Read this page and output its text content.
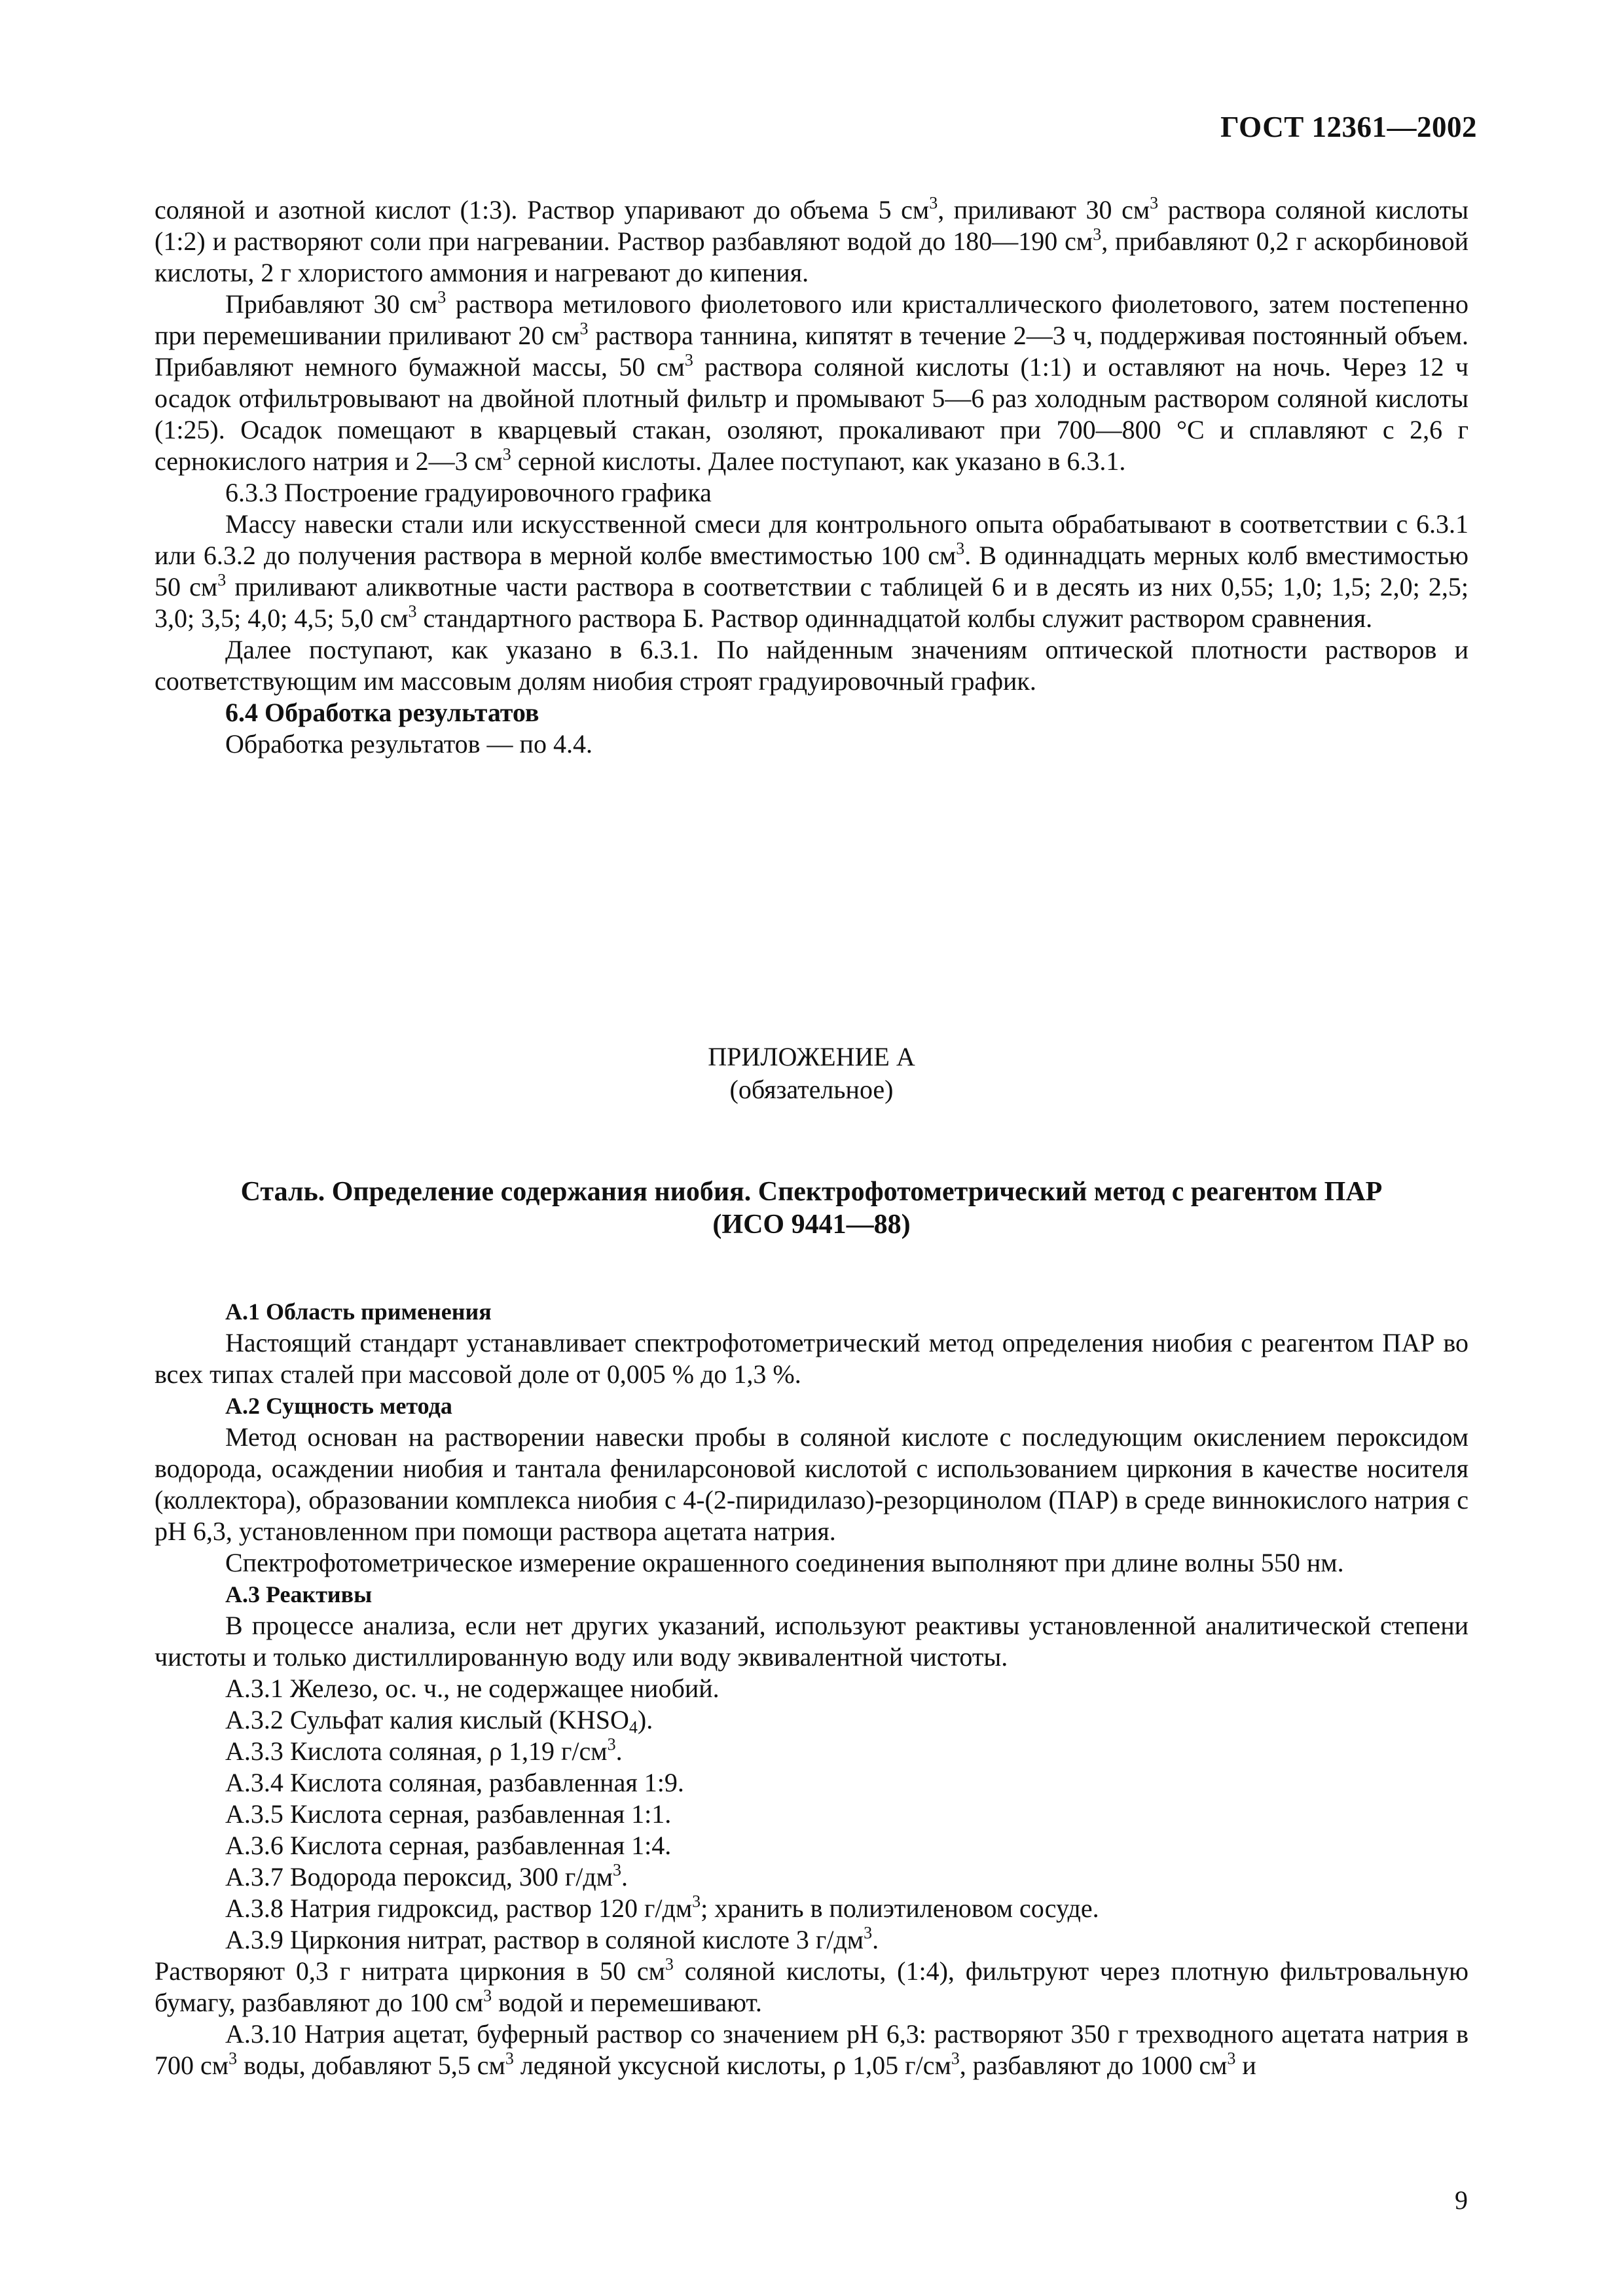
ГОСТ 12361—2002

соляной и азотной кислот (1:3). Раствор упаривают до объема 5 $см^3$, приливают 30 $см^3$ раствора соляной кислоты (1:2) и растворяют соли при нагревании. Раствор разбавляют водой до 180—190 $см^3$, прибавляют 0,2 г аскорбиновой кислоты, 2 г хлористого аммония и нагревают до кипения.

Прибавляют 30 $см^3$ раствора метилового фиолетового или кристаллического фиолетового, затем постепенно при перемешивании приливают 20 $см^3$ раствора таннина, кипятят в течение 2—3 ч, поддерживая постоянный объем. Прибавляют немного бумажной массы, 50 $см^3$ раствора соляной кислоты (1:1) и оставляют на ночь. Через 12 ч осадок отфильтровывают на двойной плотный фильтр и промывают 5—6 раз холодным раствором соляной кислоты (1:25). Осадок помещают в кварцевый стакан, озоляют, прокаливают при 700—800 °С и сплавляют с 2,6 г сернокислого натрия и 2—3 $см^3$ серной кислоты. Далее поступают, как указано в 6.3.1.

6.3.3 Построение градуировочного графика

Массу навески стали или искусственной смеси для контрольного опыта обрабатывают в соответствии с 6.3.1 или 6.3.2 до получения раствора в мерной колбе вместимостью 100 $см^3$. В одиннадцать мерных колб вместимостью 50 $см^3$ приливают аликвотные части раствора в соответствии с таблицей 6 и в десять из них 0,55; 1,0; 1,5; 2,0; 2,5; 3,0; 3,5; 4,0; 4,5; 5,0 $см^3$ стандартного раствора Б. Раствор одиннадцатой колбы служит раствором сравнения.

Далее поступают, как указано в 6.3.1. По найденным значениям оптической плотности растворов и соответствующим им массовым долям ниобия строят градуировочный график.

6.4 Обработка результатов

Обработка результатов — по 4.4.

ПРИЛОЖЕНИЕ А
(обязательное)
Сталь. Определение содержания ниобия. Спектрофотометрический метод с реагентом ПАР
(ИСО 9441—88)

А.1 Область применения

Настоящий стандарт устанавливает спектрофотометрический метод определения ниобия с реагентом ПАР во всех типах сталей при массовой доле от 0,005 % до 1,3 %.

А.2 Сущность метода

Метод основан на растворении навески пробы в соляной кислоте с последующим окислением пероксидом водорода, осаждении ниобия и тантала фениларсоновой кислотой с использованием циркония в качестве носителя (коллектора), образовании комплекса ниобия с 4-(2-пиридилазо)-резорцинолом (ПАР) в среде виннокислого натрия с рН 6,3, установленном при помощи раствора ацетата натрия.

Спектрофотометрическое измерение окрашенного соединения выполняют при длине волны 550 нм.

А.3 Реактивы

В процессе анализа, если нет других указаний, используют реактивы установленной аналитической степени чистоты и только дистиллированную воду или воду эквивалентной чистоты.

А.3.1 Железо, ос. ч., не содержащее ниобий.

А.3.2 Сульфат калия кислый $(KHSO_4)$.

А.3.3 Кислота соляная, ρ 1,19 $г/см^3$.

А.3.4 Кислота соляная, разбавленная 1:9.

А.3.5 Кислота серная, разбавленная 1:1.

А.3.6 Кислота серная, разбавленная 1:4.

А.3.7 Водорода пероксид, 300 $г/дм^3$.

А.3.8 Натрия гидроксид, раствор 120 $г/дм^3$; хранить в полиэтиленовом сосуде.

А.3.9 Циркония нитрат, раствор в соляной кислоте 3 $г/дм^3$.

Растворяют 0,3 г нитрата циркония в 50 $см^3$ соляной кислоты, (1:4), фильтруют через плотную фильтровальную бумагу, разбавляют до 100 $см^3$ водой и перемешивают.

А.3.10 Натрия ацетат, буферный раствор со значением рН 6,3: растворяют 350 г трехводного ацетата натрия в 700 $см^3$ воды, добавляют 5,5 $см^3$ ледяной уксусной кислоты, ρ 1,05 $г/см^3$, разбавляют до 1000 $см^3$ и

9
